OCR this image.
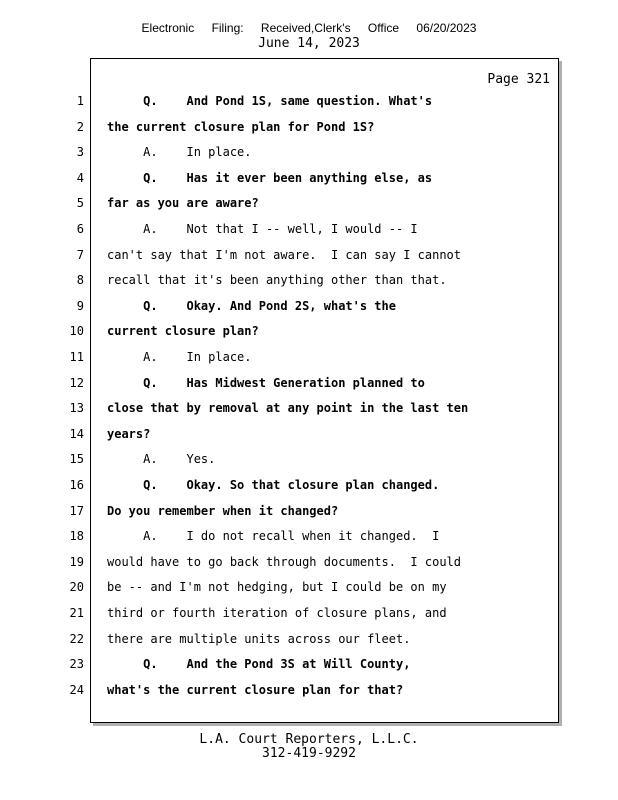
Electronic Filing: Received,Clerk's Office 06/20/2023
June 14, 2023
Page 321
1 Q.    And Pond 1S, same question. What's
2 the current closure plan for Pond 1S?
3 A.    In place.
4 Q.    Has it ever been anything else, as
5 far as you are aware?
6 A.    Not that I -- well, I would -- I
7 can't say that I'm not aware.  I can say I cannot
8 recall that it's been anything other than that.
9 Q.    Okay. And Pond 2S, what's the
10 current closure plan?
11 A.    In place.
12 Q.    Has Midwest Generation planned to
13 close that by removal at any point in the last ten
14 years?
15 A.    Yes.
16 Q.    Okay. So that closure plan changed.
17 Do you remember when it changed?
18 A.    I do not recall when it changed.  I
19 would have to go back through documents.  I could
20 be -- and I'm not hedging, but I could be on my
21 third or fourth iteration of closure plans, and
22 there are multiple units across our fleet.
23 Q.    And the Pond 3S at Will County,
24 what's the current closure plan for that?
L.A. Court Reporters, L.L.C.
312-419-9292
